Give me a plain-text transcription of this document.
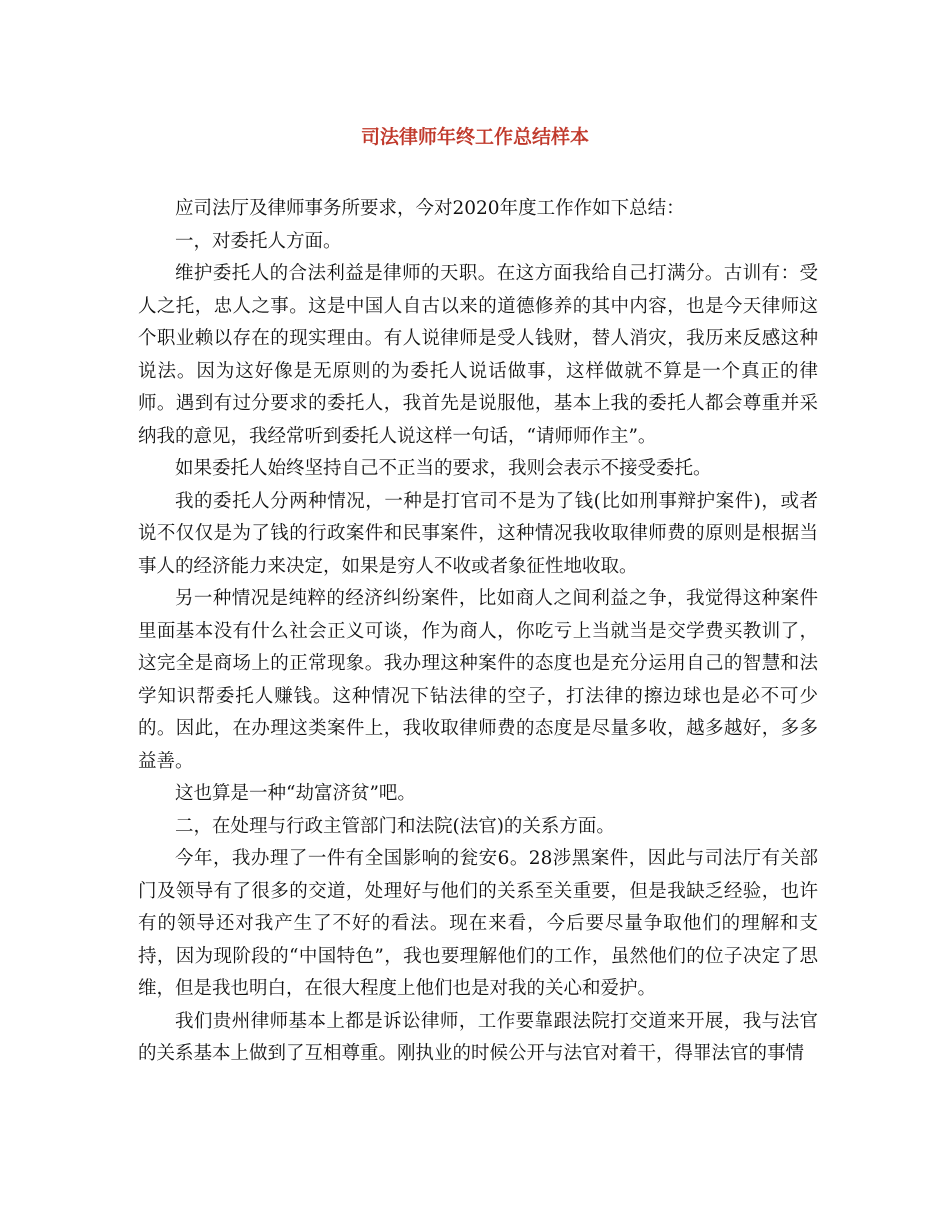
司法律师年终工作总结样本

应司法厅及律师事务所要求，今对2020年度工作作如下总结：

一，对委托人方面。

维护委托人的合法利益是律师的天职。在这方面我给自己打满分。古训有：受人之托，忠人之事。这是中国人自古以来的道德修养的其中内容，也是今天律师这个职业赖以存在的现实理由。有人说律师是受人钱财，替人消灾，我历来反感这种说法。因为这好像是无原则的为委托人说话做事，这样做就不算是一个真正的律师。遇到有过分要求的委托人，我首先是说服他，基本上我的委托人都会尊重并采纳我的意见，我经常听到委托人说这样一句话，“请师师作主”。

如果委托人始终坚持自己不正当的要求，我则会表示不接受委托。

我的委托人分两种情况，一种是打官司不是为了钱(比如刑事辩护案件)，或者说不仅仅是为了钱的行政案件和民事案件，这种情况我收取律师费的原则是根据当事人的经济能力来决定，如果是穷人不收或者象征性地收取。

另一种情况是纯粹的经济纠纷案件，比如商人之间利益之争，我觉得这种案件里面基本没有什么社会正义可谈，作为商人，你吃亏上当就当是交学费买教训了，这完全是商场上的正常现象。我办理这种案件的态度也是充分运用自己的智慧和法学知识帮委托人赚钱。这种情况下钻法律的空子，打法律的擦边球也是必不可少的。因此，在办理这类案件上，我收取律师费的态度是尽量多收，越多越好，多多益善。

这也算是一种“劫富济贫”吧。

二，在处理与行政主管部门和法院(法官)的关系方面。

今年，我办理了一件有全国影响的瓮安6。28涉黑案件，因此与司法厅有关部门及领导有了很多的交道，处理好与他们的关系至关重要，但是我缺乏经验，也许有的领导还对我产生了不好的看法。现在来看，今后要尽量争取他们的理解和支持，因为现阶段的“中国特色”，我也要理解他们的工作，虽然他们的位子决定了思维，但是我也明白，在很大程度上他们也是对我的关心和爱护。

我们贵州律师基本上都是诉讼律师，工作要靠跟法院打交道来开展，我与法官的关系基本上做到了互相尊重。刚执业的时候公开与法官对着干，得罪法官的事情
